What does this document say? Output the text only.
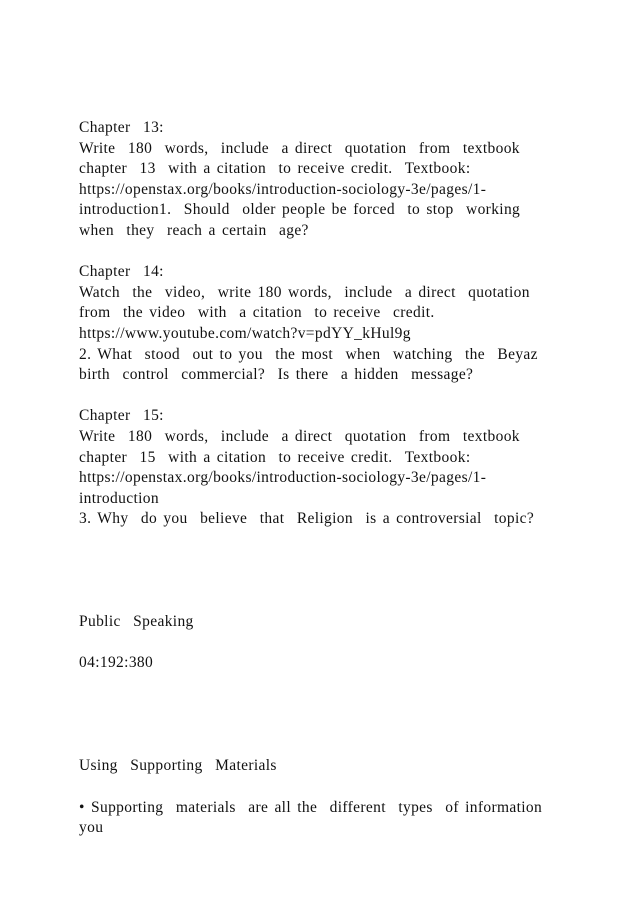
Chapter  13:
Write  180  words,  include  a direct  quotation  from  textbook
chapter  13  with a citation  to receive credit.  Textbook:
https://openstax.org/books/introduction-sociology-3e/pages/1-
introduction1.  Should  older people be forced  to stop  working
when  they  reach a certain  age?
Chapter  14:
Watch  the  video,  write 180 words,  include  a direct  quotation
from  the video  with  a citation  to receive  credit.
https://www.youtube.com/watch?v=pdYY_kHul9g
2. What  stood  out to you  the most  when  watching  the  Beyaz
birth  control  commercial?  Is there  a hidden  message?
Chapter  15:
Write  180  words,  include  a direct  quotation  from  textbook
chapter  15  with a citation  to receive credit.  Textbook:
https://openstax.org/books/introduction-sociology-3e/pages/1-
introduction
3. Why  do you  believe  that  Religion  is a controversial  topic?
Public  Speaking
04:192:380
Using  Supporting  Materials
• Supporting  materials  are all the  different  types  of information
you
